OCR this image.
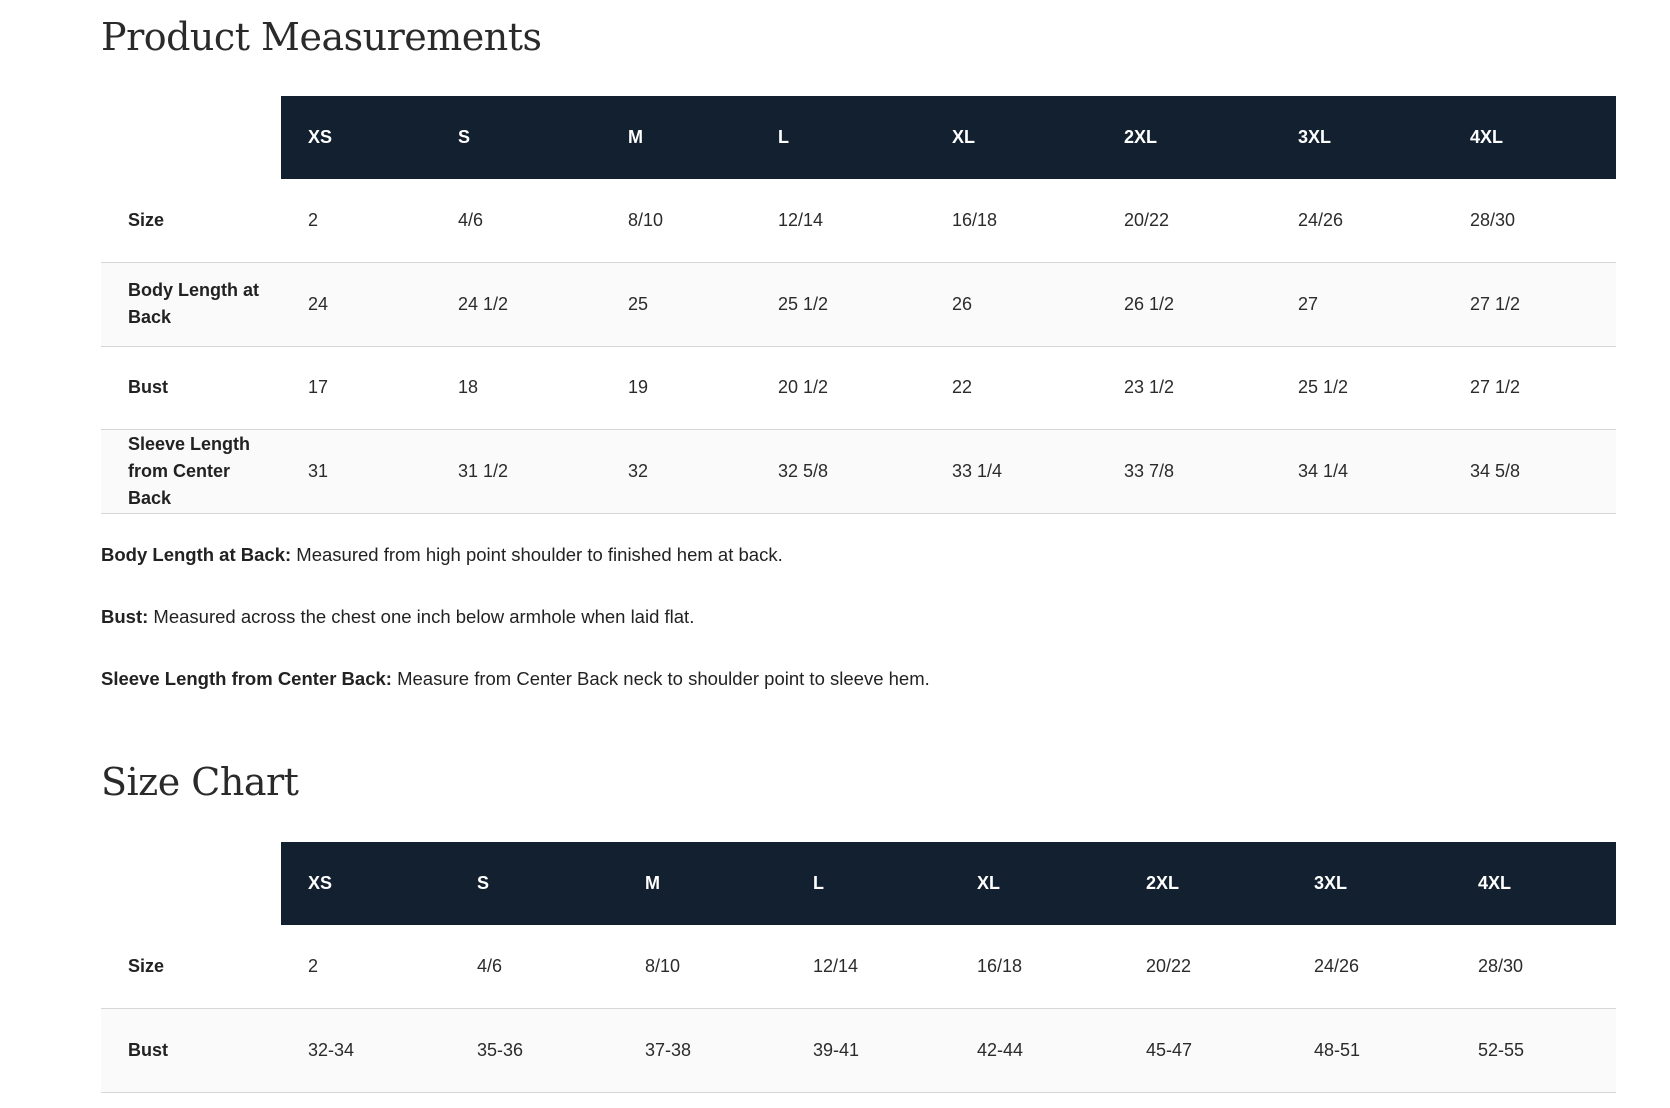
Product Measurements
	XS	S	M	L	XL	2XL	3XL	4XL
Size	2	4/6	8/10	12/14	16/18	20/22	24/26	28/30
Body Length at Back	24	24 1/2	25	25 1/2	26	26 1/2	27	27 1/2
Bust	17	18	19	20 1/2	22	23 1/2	25 1/2	27 1/2
Sleeve Length from Center Back	31	31 1/2	32	32 5/8	33 1/4	33 7/8	34 1/4	34 5/8

Body Length at Back: Measured from high point shoulder to finished hem at back.

Bust: Measured across the chest one inch below armhole when laid flat.

Sleeve Length from Center Back: Measure from Center Back neck to shoulder point to sleeve hem.

Size Chart
	XS	S	M	L	XL	2XL	3XL	4XL
Size	2	4/6	8/10	12/14	16/18	20/22	24/26	28/30
Bust	32-34	35-36	37-38	39-41	42-44	45-47	48-51	52-55
